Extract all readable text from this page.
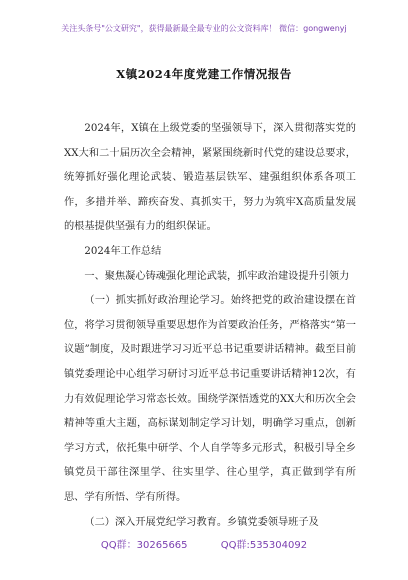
关注头条号"公文研究"，获得最新最全最专业的公文资料库！ 微信：gongwenyj
X镇2024年度党建工作情况报告

2024年，X镇在上级党委的坚强领导下，深入贯彻落实党的XX大和二十届历次全会精神，紧紧围绕新时代党的建设总要求，统筹抓好强化理论武装、锻造基层铁军、建强组织体系各项工作，多措并举、蹄疾奋发、真抓实干，努力为筑牢X高质量发展的根基提供坚强有力的组织保证。

2024年工作总结

一、聚焦凝心铸魂强化理论武装，抓牢政治建设提升引领力

（一）抓实抓好政治理论学习。始终把党的政治建设摆在首位，将学习贯彻领导重要思想作为首要政治任务，严格落实“第一议题”制度，及时跟进学习习近平总书记重要讲话精神。截至目前镇党委理论中心组学习研讨习近平总书记重要讲话精神12次，有力有效促理论学习常态长效。围绕学深悟透党的XX大和历次全会精神等重大主题，高标谋划制定学习计划，明确学习重点，创新学习方式，依托集中研学、个人自学等多元形式，积极引导全乡镇党员干部往深里学、往实里学、往心里学，真正做到学有所思、学有所悟、学有所得。

（二）深入开展党纪学习教育。乡镇党委领导班子及

QQ群：30265665	QQ群:535304092
